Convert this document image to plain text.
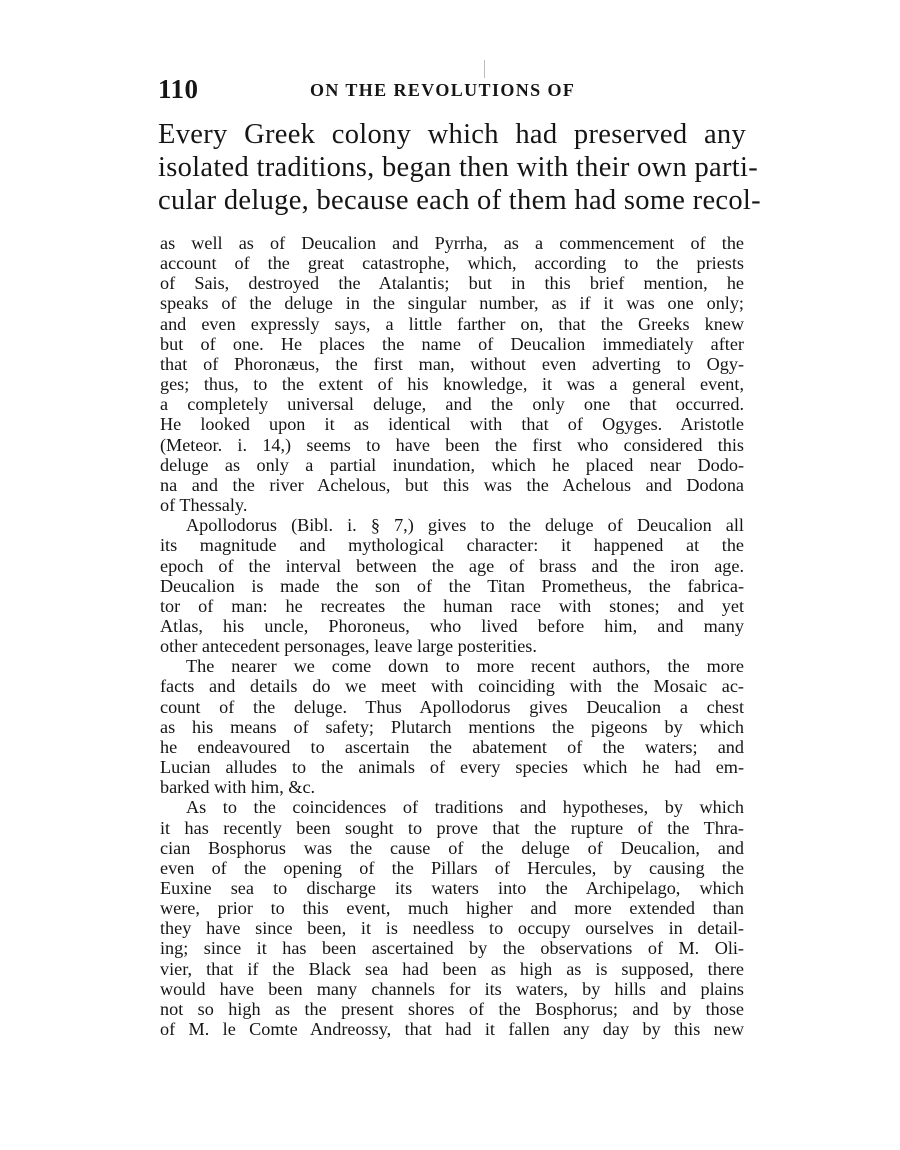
110	ON THE REVOLUTIONS OF
Every Greek colony which had preserved any
isolated traditions, began then with their own parti-
cular deluge, because each of them had some recol-
as well as of Deucalion and Pyrrha, as a commencement of the
account of the great catastrophe, which, according to the priests
of Sais, destroyed the Atalantis; but in this brief mention, he
speaks of the deluge in the singular number, as if it was one only;
and even expressly says, a little farther on, that the Greeks knew
but of one. He places the name of Deucalion immediately after
that of Phoronæus, the first man, without even adverting to Ogy-
ges; thus, to the extent of his knowledge, it was a general event,
a completely universal deluge, and the only one that occurred.
He looked upon it as identical with that of Ogyges. Aristotle
(Meteor. i. 14,) seems to have been the first who considered this
deluge as only a partial inundation, which he placed near Dodo-
na and the river Achelous, but this was the Achelous and Dodona
of Thessaly.
Apollodorus (Bibl. i. § 7,) gives to the deluge of Deucalion all
its magnitude and mythological character: it happened at the
epoch of the interval between the age of brass and the iron age.
Deucalion is made the son of the Titan Prometheus, the fabrica-
tor of man: he recreates the human race with stones; and yet
Atlas, his uncle, Phoroneus, who lived before him, and many
other antecedent personages, leave large posterities.
The nearer we come down to more recent authors, the more
facts and details do we meet with coinciding with the Mosaic ac-
count of the deluge. Thus Apollodorus gives Deucalion a chest
as his means of safety; Plutarch mentions the pigeons by which
he endeavoured to ascertain the abatement of the waters; and
Lucian alludes to the animals of every species which he had em-
barked with him, &c.
As to the coincidences of traditions and hypotheses, by which
it has recently been sought to prove that the rupture of the Thra-
cian Bosphorus was the cause of the deluge of Deucalion, and
even of the opening of the Pillars of Hercules, by causing the
Euxine sea to discharge its waters into the Archipelago, which
were, prior to this event, much higher and more extended than
they have since been, it is needless to occupy ourselves in detail-
ing; since it has been ascertained by the observations of M. Oli-
vier, that if the Black sea had been as high as is supposed, there
would have been many channels for its waters, by hills and plains
not so high as the present shores of the Bosphorus; and by those
of M. le Comte Andreossy, that had it fallen any day by this new
